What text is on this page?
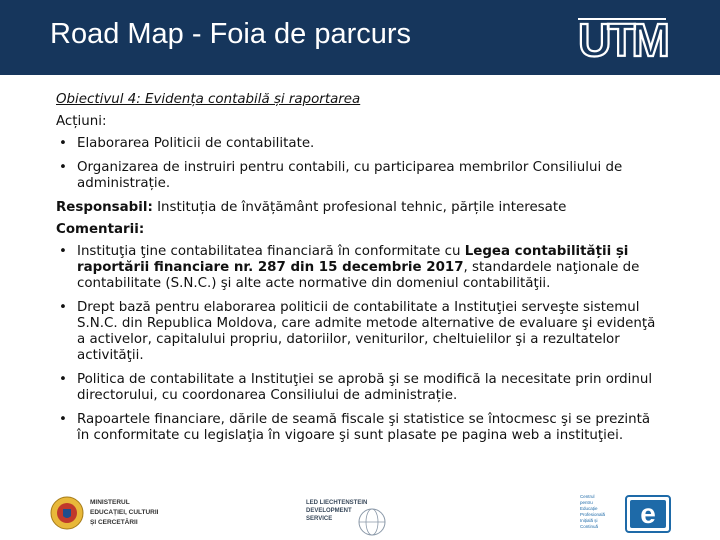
Road Map - Foia de parcurs	UTM
Obiectivul 4: Evidența contabilă și raportarea
Acțiuni:
• Elaborarea Politicii de contabilitate.
• Organizarea de instruiri pentru contabili, cu participarea membrilor Consiliului de administrație.
Responsabil: Instituția de învățământ profesional tehnic, părțile interesate
Comentarii:
• Instituţia ţine contabilitatea financiară în conformitate cu Legea contabilității și raportării financiare nr. 287 din 15 decembrie 2017, standardele naţionale de contabilitate (S.N.C.) şi alte acte normative din domeniul contabilităţii.
• Drept bază pentru elaborarea politicii de contabilitate a Instituţiei serveşte sistemul S.N.C. din Republica Moldova, care admite metode alternative de evaluare şi evidenţă a activelor, capitalului propriu, datoriilor, veniturilor, cheltuielilor şi a rezultatelor activităţii.
• Politica de contabilitate a Instituţiei se aprobă şi se modifică la necesitate prin ordinul directorului, cu coordonarea Consiliului de administrație.
• Rapoartele financiare, dările de seamă fiscale şi statistice se întocmesc şi se prezintă în conformitate cu legislaţia în vigoare şi sunt plasate pe pagina web a instituţiei.
MINISTERUL
EDUCAȚIEI, CULTURII
ȘI CERCETĂRII
LED LIECHTENSTEIN
DEVELOPMENT
SERVICE
Centrul
pentru
Educație
Profesională
Inițială și
Continuă e
